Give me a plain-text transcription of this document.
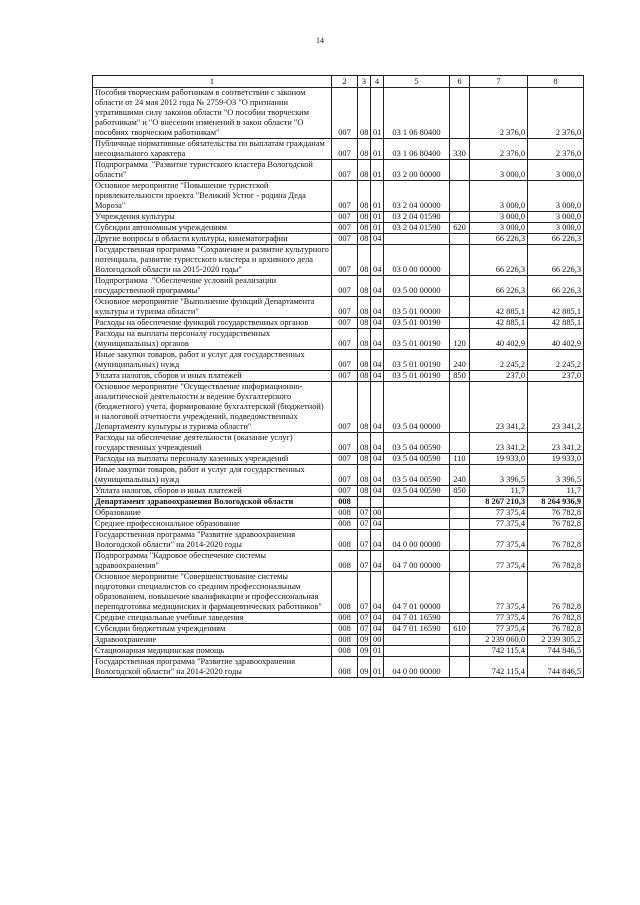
14
1	2	3	4	5	6	7	8
Пособия творческим работникам в соответствии с законом  области от 24 мая 2012 года № 2759-ОЗ "О признании утратившими силу законов области "О пособии творческим работникам" и "О внесении изменений в закон области "О пособиях творческим работникам"	007	08	01	03 1 06 80400		2 376,0	2 376,0
Публичные нормативные обязательства по выплатам гражданам несоциального характера	007	08	01	03 1 06 80400	330	2 376,0	2 376,0
Подпрограмма  "Развитие туристского кластера Вологодской области"	007	08	01	03 2 00 00000		3 000,0	3 000,0
Основное мероприятие "Повышение туристской привлекательности проекта "Великий Устюг - родина Деда Мороза"	007	08	01	03 2 04 00000		3 000,0	3 000,0
Учреждения культуры	007	08	01	03 2 04 01590		3 000,0	3 000,0
Субсидии автономным учреждениям	007	08	01	03 2 04 01590	620	3 000,0	3 000,0
Другие вопросы в области культуры, кинематографии	007	08	04			66 226,3	66 226,3
Государственная программа "Сохранение и развитие культурного потенциала, развитие туристского кластера и архивного дела Вологодской области на 2015-2020 годы"	007	08	04	03 0 00 00000		66 226,3	66 226,3
Подпрограмма  "Обеспечение условий реализации государственной программы"	007	08	04	03 5 00 00000		66 226,3	66 226,3
Основное мероприятие "Выполнение функций Департамента культуры и туризма области"	007	08	04	03 5 01 00000		42 885,1	42 885,1
Расходы на обеспечение функций государственных органов	007	08	04	03 5 01 00190		42 885,1	42 885,1
Расходы на выплаты персоналу государственных (муниципальных) органов	007	08	04	03 5 01 00190	120	40 402,9	40 402,9
Иные закупки товаров, работ и услуг для государственных (муниципальных) нужд	007	08	04	03 5 01 00190	240	2 245,2	2 245,2
Уплата налогов, сборов и иных платежей	007	08	04	03 5 01 00190	850	237,0	237,0
Основное мероприятие "Осуществление информационно-аналитической деятельности и ведение бухгалтерского (бюджетного) учета, формирование бухгалтерской (бюджетной) и налоговой отчетности учреждений, подведомственных Департаменту культуры и туризма области"	007	08	04	03 5 04 00000		23 341,2	23 341,2
Расходы на обеспечение деятельности (оказание услуг) государственных учреждений	007	08	04	03 5 04 00590		23 341,2	23 341,2
Расходы на выплаты персоналу казенных учреждений	007	08	04	03 5 04 00590	110	19 933,0	19 933,0
Иные закупки товаров, работ и услуг для государственных (муниципальных) нужд	007	08	04	03 5 04 00590	240	3 396,5	3 396,5
Уплата налогов, сборов и иных платежей	007	08	04	03 5 04 00590	850	11,7	11,7
Департамент здравоохранения Вологодской области	008					8 267 210,3	8 264 936,9
Образование	008	07	00			77 375,4	76 782,8
Среднее профессиональное образование	008	07	04			77 375,4	76 782,8
Государственная программа "Развитие здравоохранения Вологодской области" на 2014-2020 годы	008	07	04	04 0 00 00000		77 375,4	76 782,8
Подпрограмма "Кадровое обеспечение системы здравоохранения"	008	07	04	04 7 00 00000		77 375,4	76 782,8
Основное мероприятие "Совершенствование системы подготовки специалистов со средним профессиональным образованием, повышение квалификации и профессиональная переподготовка медицинских и фармацевтических работников"	008	07	04	04 7 01 00000		77 375,4	76 782,8
Средние специальные учебные заведения	008	07	04	04 7 01 16590		77 375,4	76 782,8
Субсидии бюджетным учреждениям	008	07	04	04 7 01 16590	610	77 375,4	76 782,8
Здравоохранение	008	09	00			2 239 060,0	2 239 305,2
Стационарная медицинская помощь	008	09	01			742 115,4	744 846,5
Государственная программа "Развитие здравоохранения Вологодской области" на 2014-2020 годы	008	09	01	04 0 00 00000		742 115,4	744 846,5
